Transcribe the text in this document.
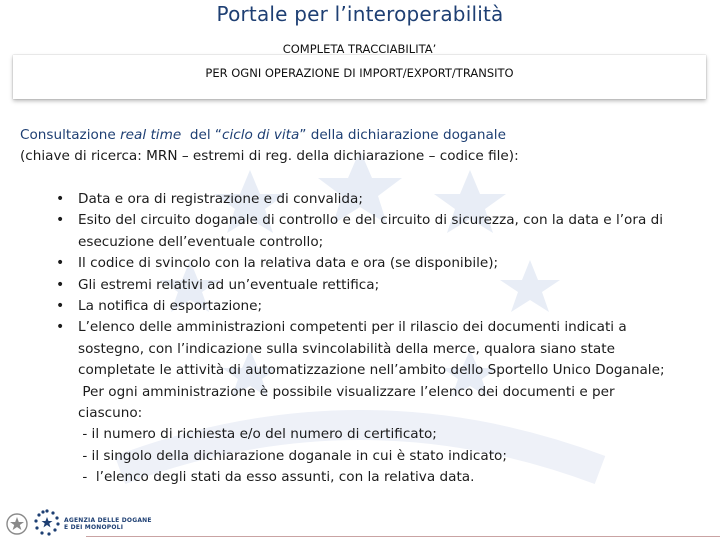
Portale per l’interoperabilità
COMPLETA TRACCIABILITA’
PER OGNI OPERAZIONE DI IMPORT/EXPORT/TRANSITO
Consultazione real time  del “ciclo di vita” della dichiarazione doganale
(chiave di ricerca: MRN – estremi di reg. della dichiarazione – codice file):
• Data e ora di registrazione e di convalida;
• Esito del circuito doganale di controllo e del circuito di sicurezza, con la data e l’ora di
esecuzione dell’eventuale controllo;
• Il codice di svincolo con la relativa data e ora (se disponibile);
• Gli estremi relativi ad un’eventuale rettifica;
• La notifica di esportazione;
• L’elenco delle amministrazioni competenti per il rilascio dei documenti indicati a
sostegno, con l’indicazione sulla svincolabilità della merce, qualora siano state
completate le attività di automatizzazione nell’ambito dello Sportello Unico Doganale;
Per ogni amministrazione è possibile visualizzare l’elenco dei documenti e per
ciascuno:
- il numero di richiesta e/o del numero di certificato;
- il singolo della dichiarazione doganale in cui è stato indicato;
-  l’elenco degli stati da esso assunti, con la relativa data.
AGENZIA DELLE DOGANE
E DEI MONOPOLI
